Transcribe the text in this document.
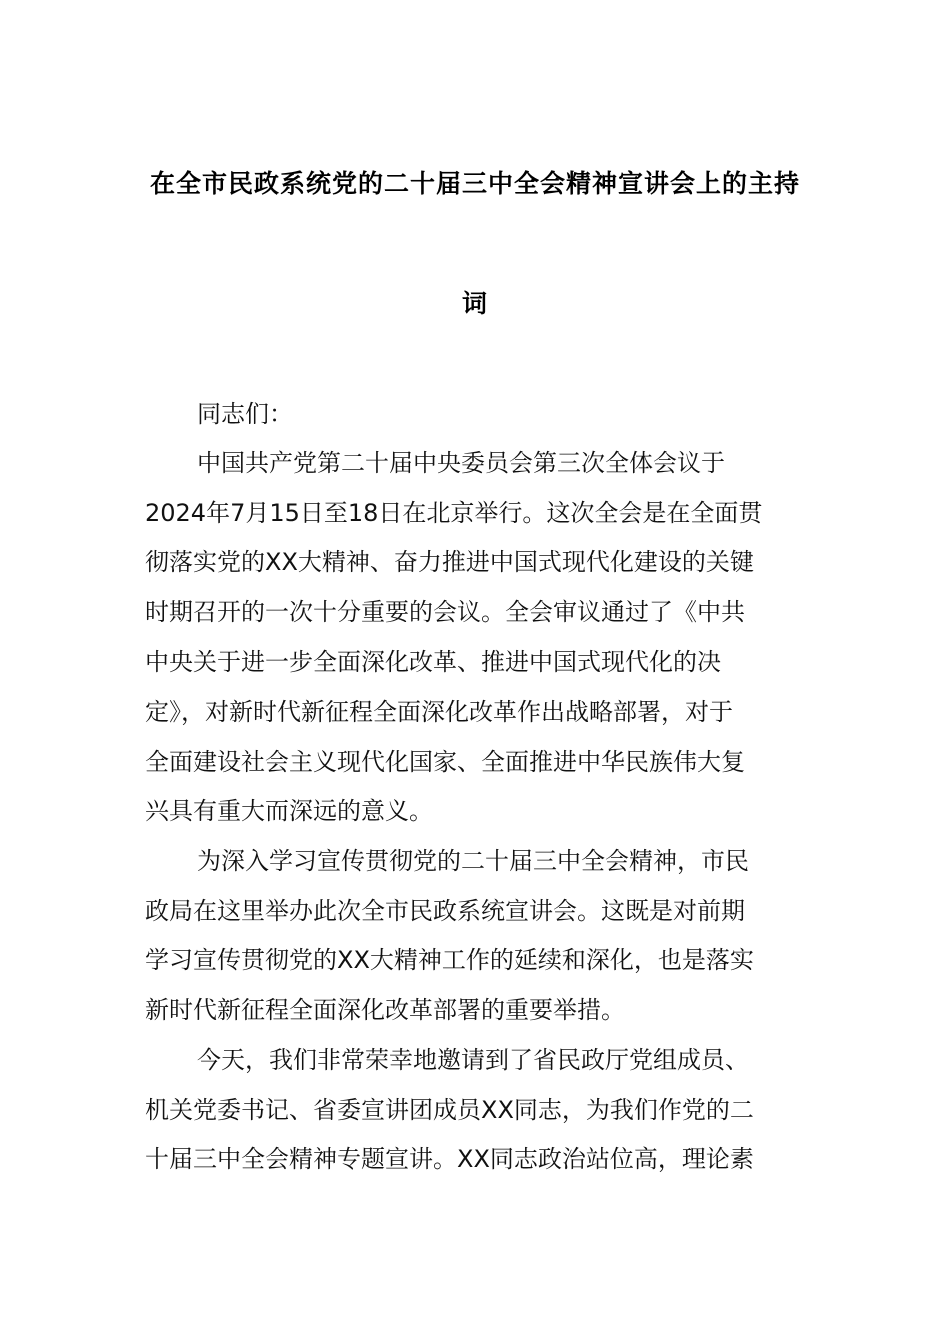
在全市民政系统党的二十届三中全会精神宣讲会上的主持
词
同志们：
中国共产党第二十届中央委员会第三次全体会议于
2024年7月15日至18日在北京举行。这次全会是在全面贯
彻落实党的XX大精神、奋力推进中国式现代化建设的关键
时期召开的一次十分重要的会议。全会审议通过了《中共
中央关于进一步全面深化改革、推进中国式现代化的决
定》，对新时代新征程全面深化改革作出战略部署，对于
全面建设社会主义现代化国家、全面推进中华民族伟大复
兴具有重大而深远的意义。
为深入学习宣传贯彻党的二十届三中全会精神，市民
政局在这里举办此次全市民政系统宣讲会。这既是对前期
学习宣传贯彻党的XX大精神工作的延续和深化，也是落实
新时代新征程全面深化改革部署的重要举措。
今天，我们非常荣幸地邀请到了省民政厅党组成员、
机关党委书记、省委宣讲团成员XX同志，为我们作党的二
十届三中全会精神专题宣讲。XX同志政治站位高，理论素
